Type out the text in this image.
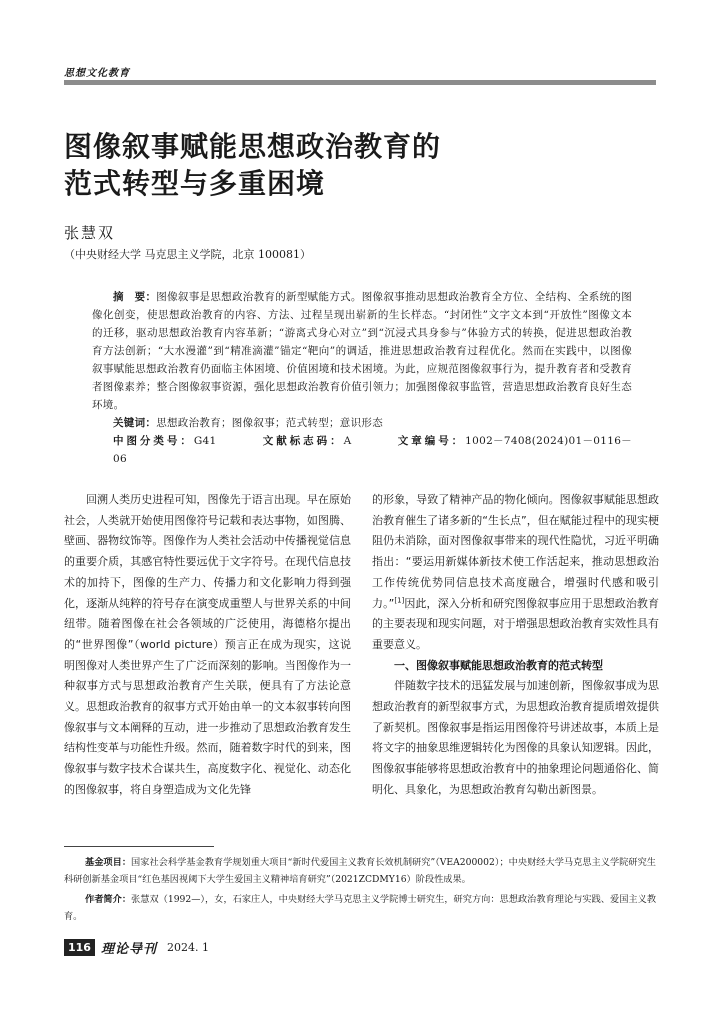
思想文化教育
图像叙事赋能思想政治教育的
范式转型与多重困境
张慧双
（中央财经大学 马克思主义学院，北京 100081）

摘　要：图像叙事是思想政治教育的新型赋能方式。图像叙事推动思想政治教育全方位、全结构、全系统的图像化创变，使思想政治教育的内容、方法、过程呈现出崭新的生长样态。“封闭性”文字文本到“开放性”图像文本的迁移，驱动思想政治教育内容革新；“游离式身心对立”到“沉浸式具身参与”体验方式的转换，促进思想政治教育方法创新；“大水漫灌”到“精准滴灌”锚定“靶向”的调适，推进思想政治教育过程优化。然而在实践中，以图像叙事赋能思想政治教育仍面临主体困境、价值困境和技术困境。为此，应规范图像叙事行为，提升教育者和受教育者图像素养；整合图像叙事资源，强化思想政治教育价值引领力；加强图像叙事监管，营造思想政治教育良好生态环境。

关键词：思想政治教育；图像叙事；范式转型；意识形态

中图分类号：G41	文献标志码：A	文章编号：1002－7408(2024)01－0116－06

回溯人类历史进程可知，图像先于语言出现。早在原始社会，人类就开始使用图像符号记载和表达事物，如图腾、壁画、器物纹饰等。图像作为人类社会活动中传播视觉信息的重要介质，其感官特性要远优于文字符号。在现代信息技术的加持下，图像的生产力、传播力和文化影响力得到强化，逐渐从纯粹的符号存在演变成重塑人与世界关系的中间纽带。随着图像在社会各领域的广泛使用，海德格尔提出的“世界图像”（world picture）预言正在成为现实，这说明图像对人类世界产生了广泛而深刻的影响。当图像作为一种叙事方式与思想政治教育产生关联，便具有了方法论意义。思想政治教育的叙事方式开始由单一的文本叙事转向图像叙事与文本阐释的互动，进一步推动了思想政治教育发生结构性变革与功能性升级。然而，随着数字时代的到来，图像叙事与数字技术合谋共生，高度数字化、视觉化、动态化的图像叙事，将自身塑造成为文化先锋

的形象，导致了精神产品的物化倾向。图像叙事赋能思想政治教育催生了诸多新的“生长点”，但在赋能过程中的现实梗阻仍未消除，面对图像叙事带来的现代性隐忧，习近平明确指出：“要运用新媒体新技术使工作活起来，推动思想政治工作传统优势同信息技术高度融合，增强时代感和吸引力。”[1]因此，深入分析和研究图像叙事应用于思想政治教育的主要表现和现实问题，对于增强思想政治教育实效性具有重要意义。

一、图像叙事赋能思想政治教育的范式转型

伴随数字技术的迅猛发展与加速创新，图像叙事成为思想政治教育的新型叙事方式，为思想政治教育提质增效提供了新契机。图像叙事是指运用图像符号讲述故事，本质上是将文字的抽象思维逻辑转化为图像的具象认知逻辑。因此，图像叙事能够将思想政治教育中的抽象理论问题通俗化、简明化、具象化，为思想政治教育勾勒出新图景。

基金项目：国家社会科学基金教育学规划重大项目“新时代爱国主义教育长效机制研究”（VEA200002）；中央财经大学马克思主义学院研究生科研创新基金项目“红色基因视阈下大学生爱国主义精神培育研究”（2021ZCDMY16）阶段性成果。

作者简介：张慧双（1992—），女，石家庄人，中央财经大学马克思主义学院博士研究生，研究方向：思想政治教育理论与实践、爱国主义教育。

116 理论导刊 2024. 1
